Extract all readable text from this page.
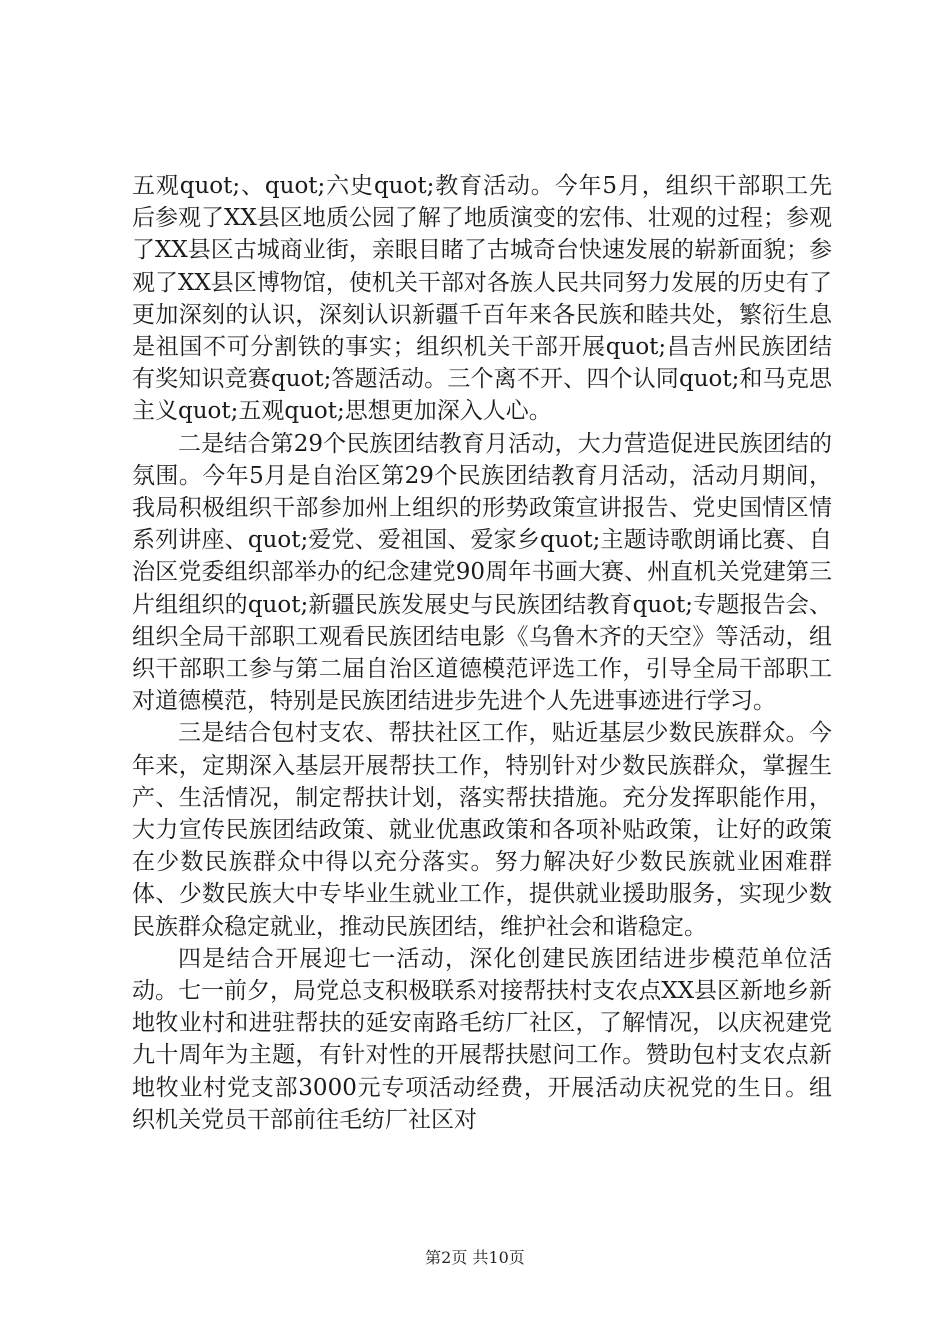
五观quot;、quot;六史quot;教育活动。今年5月，组织干部职工先后参观了XX县区地质公园了解了地质演变的宏伟、壮观的过程；参观了XX县区古城商业街，亲眼目睹了古城奇台快速发展的崭新面貌；参观了XX县区博物馆，使机关干部对各族人民共同努力发展的历史有了更加深刻的认识，深刻认识新疆千百年来各民族和睦共处，繁衍生息是祖国不可分割铁的事实；组织机关干部开展quot;昌吉州民族团结有奖知识竞赛quot;答题活动。三个离不开、四个认同quot;和马克思主义quot;五观quot;思想更加深入人心。

二是结合第29个民族团结教育月活动，大力营造促进民族团结的氛围。今年5月是自治区第29个民族团结教育月活动，活动月期间，我局积极组织干部参加州上组织的形势政策宣讲报告、党史国情区情系列讲座、quot;爱党、爱祖国、爱家乡quot;主题诗歌朗诵比赛、自治区党委组织部举办的纪念建党90周年书画大赛、州直机关党建第三片组组织的quot;新疆民族发展史与民族团结教育quot;专题报告会、组织全局干部职工观看民族团结电影《乌鲁木齐的天空》等活动，组织干部职工参与第二届自治区道德模范评选工作，引导全局干部职工对道德模范，特别是民族团结进步先进个人先进事迹进行学习。

三是结合包村支农、帮扶社区工作，贴近基层少数民族群众。今年来，定期深入基层开展帮扶工作，特别针对少数民族群众，掌握生产、生活情况，制定帮扶计划，落实帮扶措施。充分发挥职能作用，大力宣传民族团结政策、就业优惠政策和各项补贴政策，让好的政策在少数民族群众中得以充分落实。努力解决好少数民族就业困难群体、少数民族大中专毕业生就业工作，提供就业援助服务，实现少数民族群众稳定就业，推动民族团结，维护社会和谐稳定。

四是结合开展迎七一活动，深化创建民族团结进步模范单位活动。七一前夕，局党总支积极联系对接帮扶村支农点XX县区新地乡新地牧业村和进驻帮扶的延安南路毛纺厂社区，了解情况，以庆祝建党九十周年为主题，有针对性的开展帮扶慰问工作。赞助包村支农点新地牧业村党支部3000元专项活动经费，开展活动庆祝党的生日。组织机关党员干部前往毛纺厂社区对

第2页 共10页
